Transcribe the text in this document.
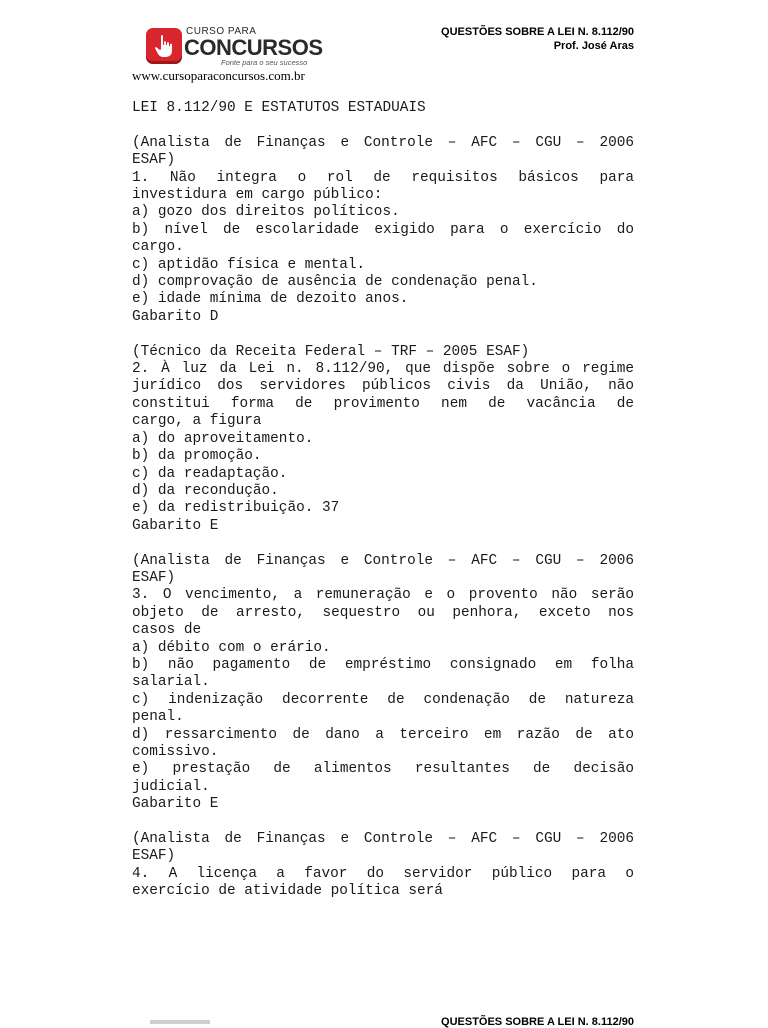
CURSO PARA
CONCURSOS
Fonte para o seu sucesso
www.cursoparaconcursos.com.br
QUESTÕES SOBRE A LEI N. 8.112/90
Prof. José Aras
LEI 8.112/90 E ESTATUTOS ESTADUAIS
(Analista de Finanças e Controle – AFC – CGU – 2006
ESAF)
1. Não integra o rol de requisitos básicos para
investidura em cargo público:
a) gozo dos direitos políticos.
b) nível de escolaridade exigido para o exercício do
cargo.
c) aptidão física e mental.
d) comprovação de ausência de condenação penal.
e) idade mínima de dezoito anos.
Gabarito D
(Técnico da Receita Federal – TRF – 2005 ESAF)
2. À luz da Lei n. 8.112/90, que dispõe sobre o regime
jurídico dos servidores públicos civis da União, não
constitui forma de provimento nem de vacância de
cargo, a figura
a) do aproveitamento.
b) da promoção.
c) da readaptação.
d) da recondução.
e) da redistribuição. 37
Gabarito E
(Analista de Finanças e Controle – AFC – CGU – 2006
ESAF)
3. O vencimento, a remuneração e o provento não serão
objeto de arresto, sequestro ou penhora, exceto nos
casos de
a) débito com o erário.
b) não pagamento de empréstimo consignado em folha
salarial.
c) indenização decorrente de condenação de natureza
penal.
d) ressarcimento de dano a terceiro em razão de ato
comissivo.
e) prestação de alimentos resultantes de decisão
judicial.
Gabarito E
(Analista de Finanças e Controle – AFC – CGU – 2006
ESAF)
4. A licença a favor do servidor público para o
exercício de atividade política será
QUESTÕES SOBRE A LEI N. 8.112/90
